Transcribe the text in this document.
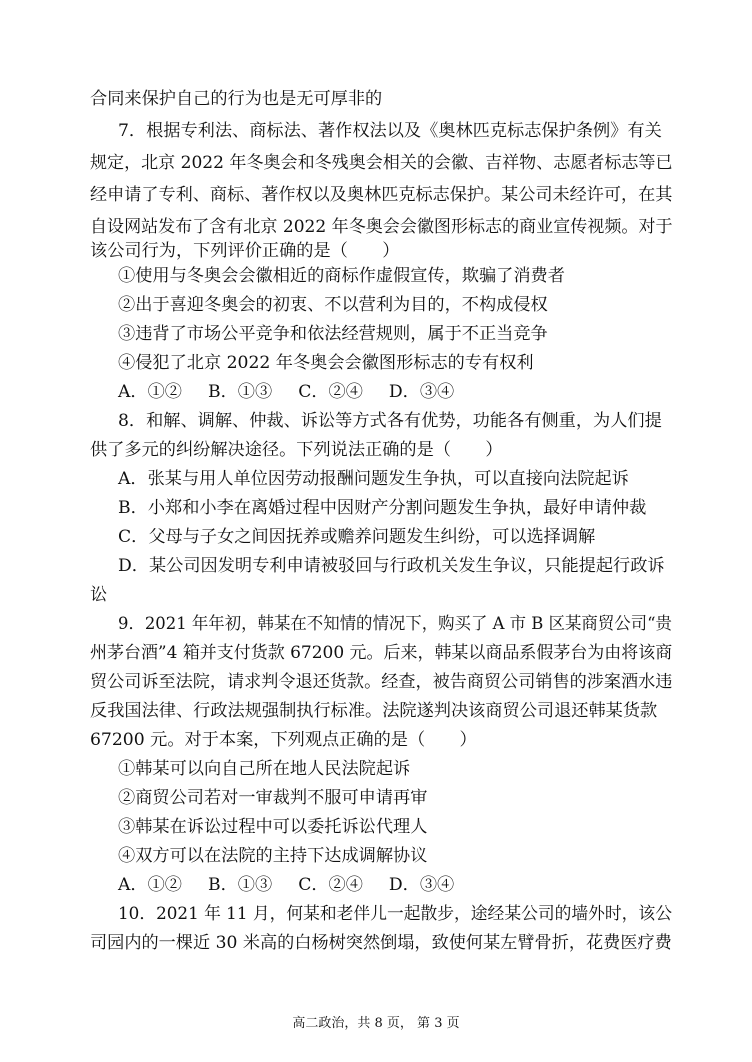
合同来保护自己的行为也是无可厚非的
7．根据专利法、商标法、著作权法以及《奥林匹克标志保护条例》有关
规定，北京 2022 年冬奥会和冬残奥会相关的会徽、吉祥物、志愿者标志等已
经申请了专利、商标、著作权以及奥林匹克标志保护。某公司未经许可，在其
自设网站发布了含有北京 2022 年冬奥会会徽图形标志的商业宣传视频。对于
该公司行为，下列评价正确的是（　　）
①使用与冬奥会会徽相近的商标作虚假宣传，欺骗了消费者
②出于喜迎冬奥会的初衷、不以营利为目的，不构成侵权
③违背了市场公平竞争和依法经营规则，属于不正当竞争
④侵犯了北京 2022 年冬奥会会徽图形标志的专有权利
A．①② B．①③ C．②④ D．③④
8．和解、调解、仲裁、诉讼等方式各有优势，功能各有侧重，为人们提
供了多元的纠纷解决途径。下列说法正确的是（　　）
A．张某与用人单位因劳动报酬问题发生争执，可以直接向法院起诉
B．小郑和小李在离婚过程中因财产分割问题发生争执，最好申请仲裁
C．父母与子女之间因抚养或赡养问题发生纠纷，可以选择调解
D．某公司因发明专利申请被驳回与行政机关发生争议，只能提起行政诉
讼
9．2021 年年初，韩某在不知情的情况下，购买了 A 市 B 区某商贸公司“贵
州茅台酒”4 箱并支付货款 67200 元。后来，韩某以商品系假茅台为由将该商
贸公司诉至法院，请求判令退还货款。经查，被告商贸公司销售的涉案酒水违
反我国法律、行政法规强制执行标准。法院遂判决该商贸公司退还韩某货款
67200 元。对于本案，下列观点正确的是（　　）
①韩某可以向自己所在地人民法院起诉
②商贸公司若对一审裁判不服可申请再审
③韩某在诉讼过程中可以委托诉讼代理人
④双方可以在法院的主持下达成调解协议
A．①② B．①③ C．②④ D．③④
10．2021 年 11 月，何某和老伴儿一起散步，途经某公司的墙外时，该公
司园内的一棵近 30 米高的白杨树突然倒塌，致使何某左臂骨折，花费医疗费
高二政治，共 8 页， 第 3 页
